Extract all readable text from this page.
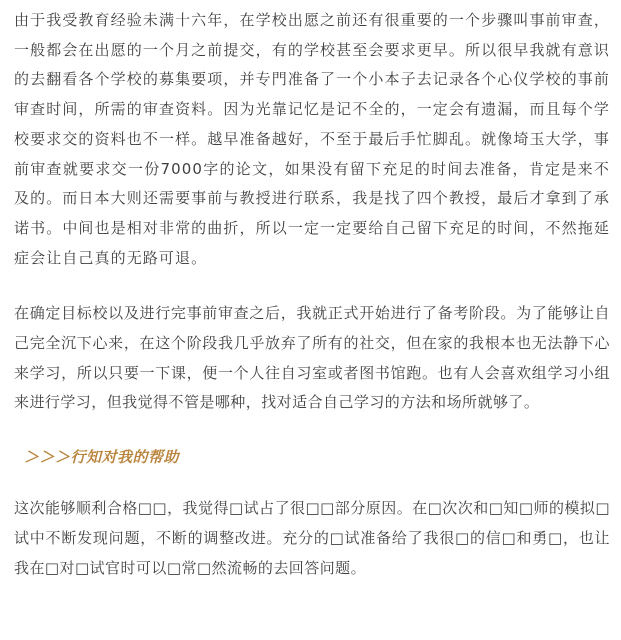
由于我受教育经验未满十六年，在学校出愿之前还有很重要的一个步骤叫事前审查，一般都会在出愿的一个月之前提交，有的学校甚至会要求更早。所以很早我就有意识的去翻看各个学校的募集要项，并专門准备了一个小本子去记录各个心仪学校的事前审查时间，所需的审查资料。因为光靠记忆是记不全的，一定会有遗漏，而且每个学校要求交的资料也不一样。越早准备越好，不至于最后手忙脚乱。就像埼玉大学，事前审查就要求交一份7000字的论文，如果没有留下充足的时间去准备，肯定是来不及的。而日本大则还需要事前与教授进行联系，我是找了四个教授，最后才拿到了承诺书。中间也是相对非常的曲折，所以一定一定要给自己留下充足的时间，不然拖延症会让自己真的无路可退。

在确定目标校以及进行完事前审查之后，我就正式开始进行了备考阶段。为了能够让自己完全沉下心来，在这个阶段我几乎放弃了所有的社交，但在家的我根本也无法静下心来学习，所以只要一下课，便一个人往自习室或者图书馆跑。也有人会喜欢组学习小组来进行学习，但我觉得不管是哪种，找对适合自己学习的方法和场所就够了。

＞＞＞行知对我的帮助

这次能够顺利合格□□，我觉得□试占了很□□部分原因。在□次次和□知□师的模拟□试中不断发现问题，不断的调整改进。充分的□试准备给了我很□的信□和勇□，也让我在□对□试官时可以□常□然流畅的去回答问题。
